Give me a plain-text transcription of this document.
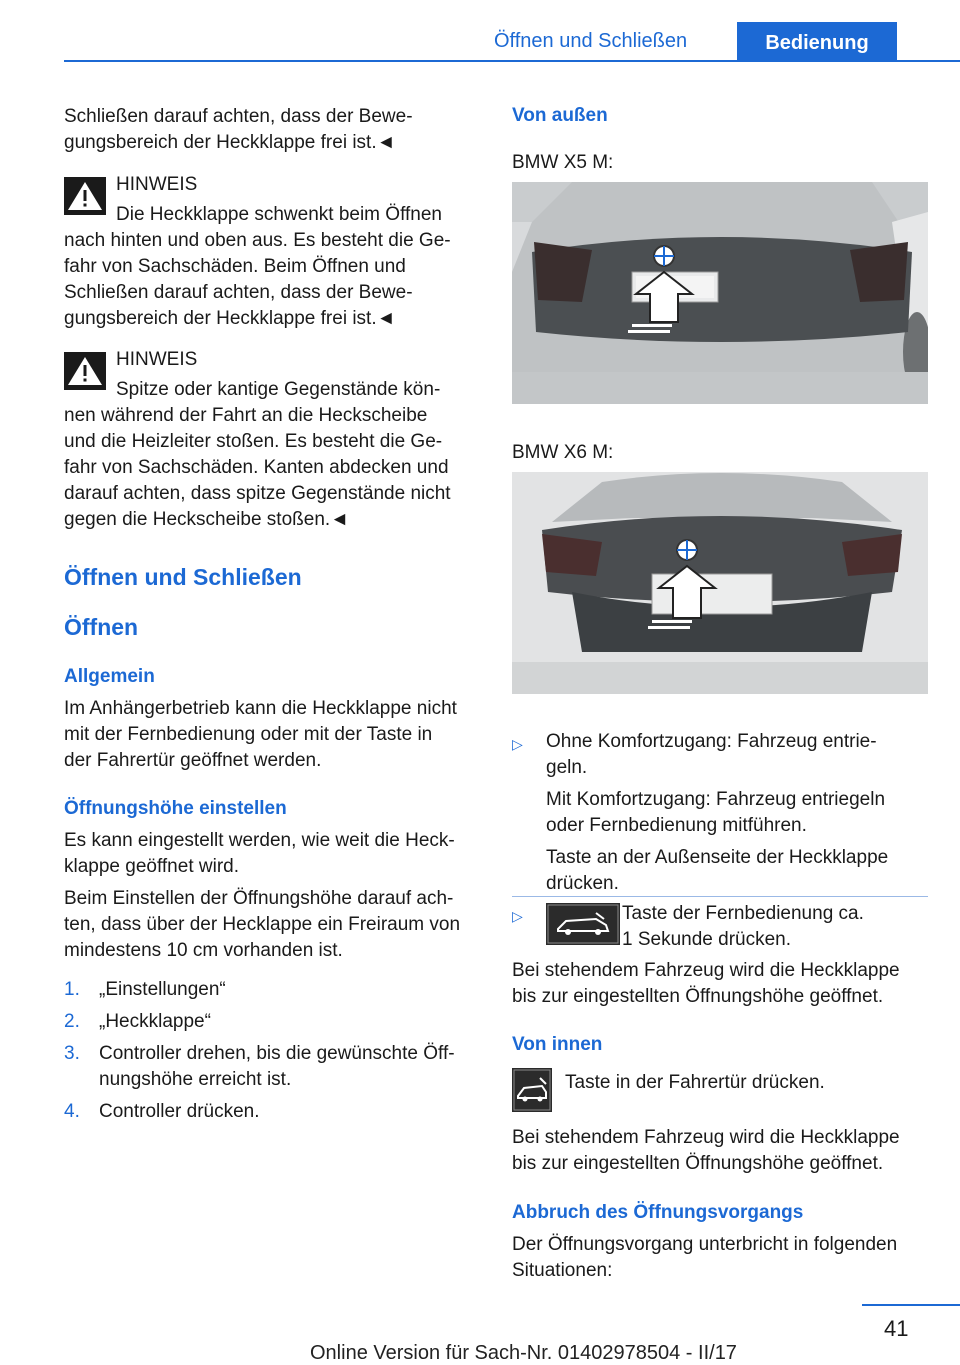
Öffnen und Schließen	Bedienung

Schließen darauf achten, dass der Bewe‐

gungsbereich der Heckklappe frei ist.◄

HINWEIS

Die Heckklappe schwenkt beim Öffnen

nach hinten und oben aus. Es besteht die Ge‐

fahr von Sachschäden. Beim Öffnen und

Schließen darauf achten, dass der Bewe‐

gungsbereich der Heckklappe frei ist.◄

HINWEIS

Spitze oder kantige Gegenstände kön‐

nen während der Fahrt an die Heckscheibe

und die Heizleiter stoßen. Es besteht die Ge‐

fahr von Sachschäden. Kanten abdecken und

darauf achten, dass spitze Gegenstände nicht

gegen die Heckscheibe stoßen.◄

Öffnen und Schließen
Öffnen
Allgemein

Im Anhängerbetrieb kann die Heckklappe nicht

mit der Fernbedienung oder mit der Taste in

der Fahrertür geöffnet werden.

Öffnungshöhe einstellen

Es kann eingestellt werden, wie weit die Heck‐

klappe geöffnet wird.

Beim Einstellen der Öffnungshöhe darauf ach‐

ten, dass über der Hecklappe ein Freiraum von

mindestens 10 cm vorhanden ist.

1.	„Einstellungen“
2.	„Heckklappe“
3.	Controller drehen, bis die gewünschte Öff‐

nungshöhe erreicht ist.

4.	Controller drücken.
Von außen
BMW X5 M:
BMW X6 M:
▷ Ohne Komfortzugang: Fahrzeug entrie‐

geln.

Mit Komfortzugang: Fahrzeug entriegeln

oder Fernbedienung mitführen.

Taste an der Außenseite der Heckklappe

drücken.

▷	Taste der Fernbedienung ca.

1 Sekunde drücken.

Bei stehendem Fahrzeug wird die Heckklappe

bis zur eingestellten Öffnungshöhe geöffnet.

Von innen
Taste in der Fahrertür drücken.

Bei stehendem Fahrzeug wird die Heckklappe

bis zur eingestellten Öffnungshöhe geöffnet.

Abbruch des Öffnungsvorgangs

Der Öffnungsvorgang unterbricht in folgenden

Situationen:

41
Online Version für Sach-Nr. 01402978504 - II/17
